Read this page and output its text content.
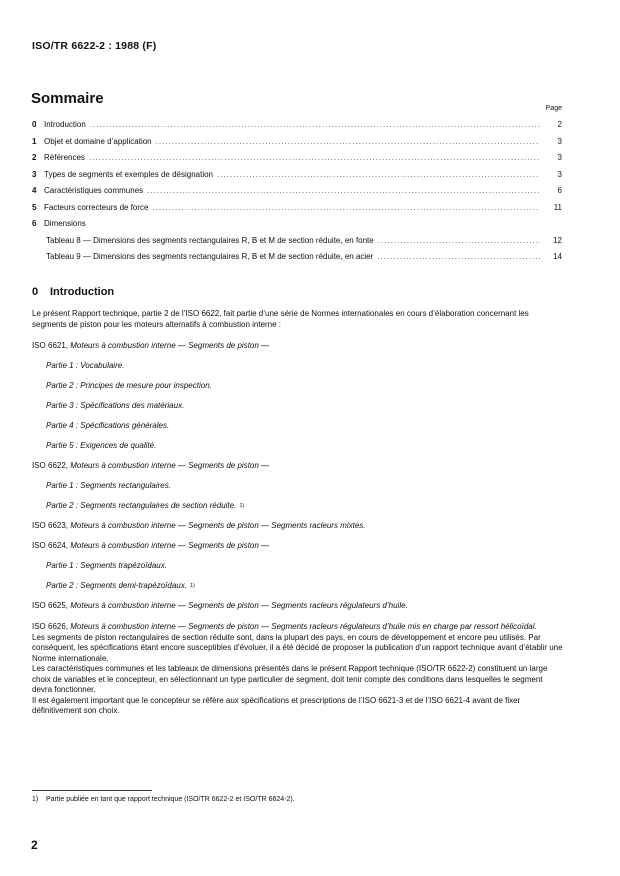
ISO/TR 6622-2 : 1988 (F)
Sommaire
Page
0 Introduction .....	2
1 Objet et domaine d’application .....	3
2 Références .....	3
3 Types de segments et exemples de désignation .....	3
4 Caractéristiques communes .....	6
5 Facteurs correcteurs de force .....	11
6 Dimensions
Tableau 8 — Dimensions des segments rectangulaires R, B et M de section réduite, en fonte .....	12
Tableau 9 — Dimensions des segments rectangulaires R, B et M de section réduite, en acier .....	14
0 Introduction

Le présent Rapport technique, partie 2 de l’ISO 6622, fait partie d’une série de Normes internationales en cours d’élaboration concernant les segments de piston pour les moteurs alternatifs à combustion interne :

ISO 6621,
Moteurs à combustion interne — Segments de piston —
Partie 1 : Vocabulaire.
Partie 2 : Principes de mesure pour inspection.
Partie 3 : Spécifications des matériaux.
Partie 4 : Spécifications générales.
Partie 5 : Exigences de qualité.
ISO 6622,
Moteurs à combustion interne — Segments de piston —
Partie 1 : Segments rectangulaires.
Partie 2 : Segments rectangulaires de section réduite. 1)
ISO 6623,
Moteurs à combustion interne — Segments de piston — Segments racleurs mixtes.
ISO 6624,
Moteurs à combustion interne — Segments de piston —
Partie 1 : Segments trapézoïdaux.
Partie 2 : Segments demi-trapézoïdaux. 1)
ISO 6625,
Moteurs à combustion interne — Segments de piston — Segments racleurs régulateurs d’huile.

ISO 6626, Moteurs à combustion interne — Segments de piston — Segments racleurs régulateurs d’huile mis en charge par ressort hélicoïdal.

Les segments de piston rectangulaires de section réduite sont, dans la plupart des pays, en cours de développement et encore peu utilisés. Par conséquent, les spécifications étant encore susceptibles d’évoluer, il a été décidé de proposer la publication d’un rapport technique avant d’établir une Norme internationale.

Les caractéristiques communes et les tableaux de dimensions présentés dans le présent Rapport technique (ISO/TR 6622-2) constituent un large choix de variables et le concepteur, en sélectionnant un type particulier de segment, doit tenir compte des conditions dans lesquelles le segment devra fonctionner.

Il est également important que le concepteur se réfère aux spécifications et prescriptions de l’ISO 6621-3 et de l’ISO 6621-4 avant de fixer définitivement son choix.

1) Partie publiée en tant que rapport technique (ISO/TR 6622-2 et ISO/TR 6624-2).
2
